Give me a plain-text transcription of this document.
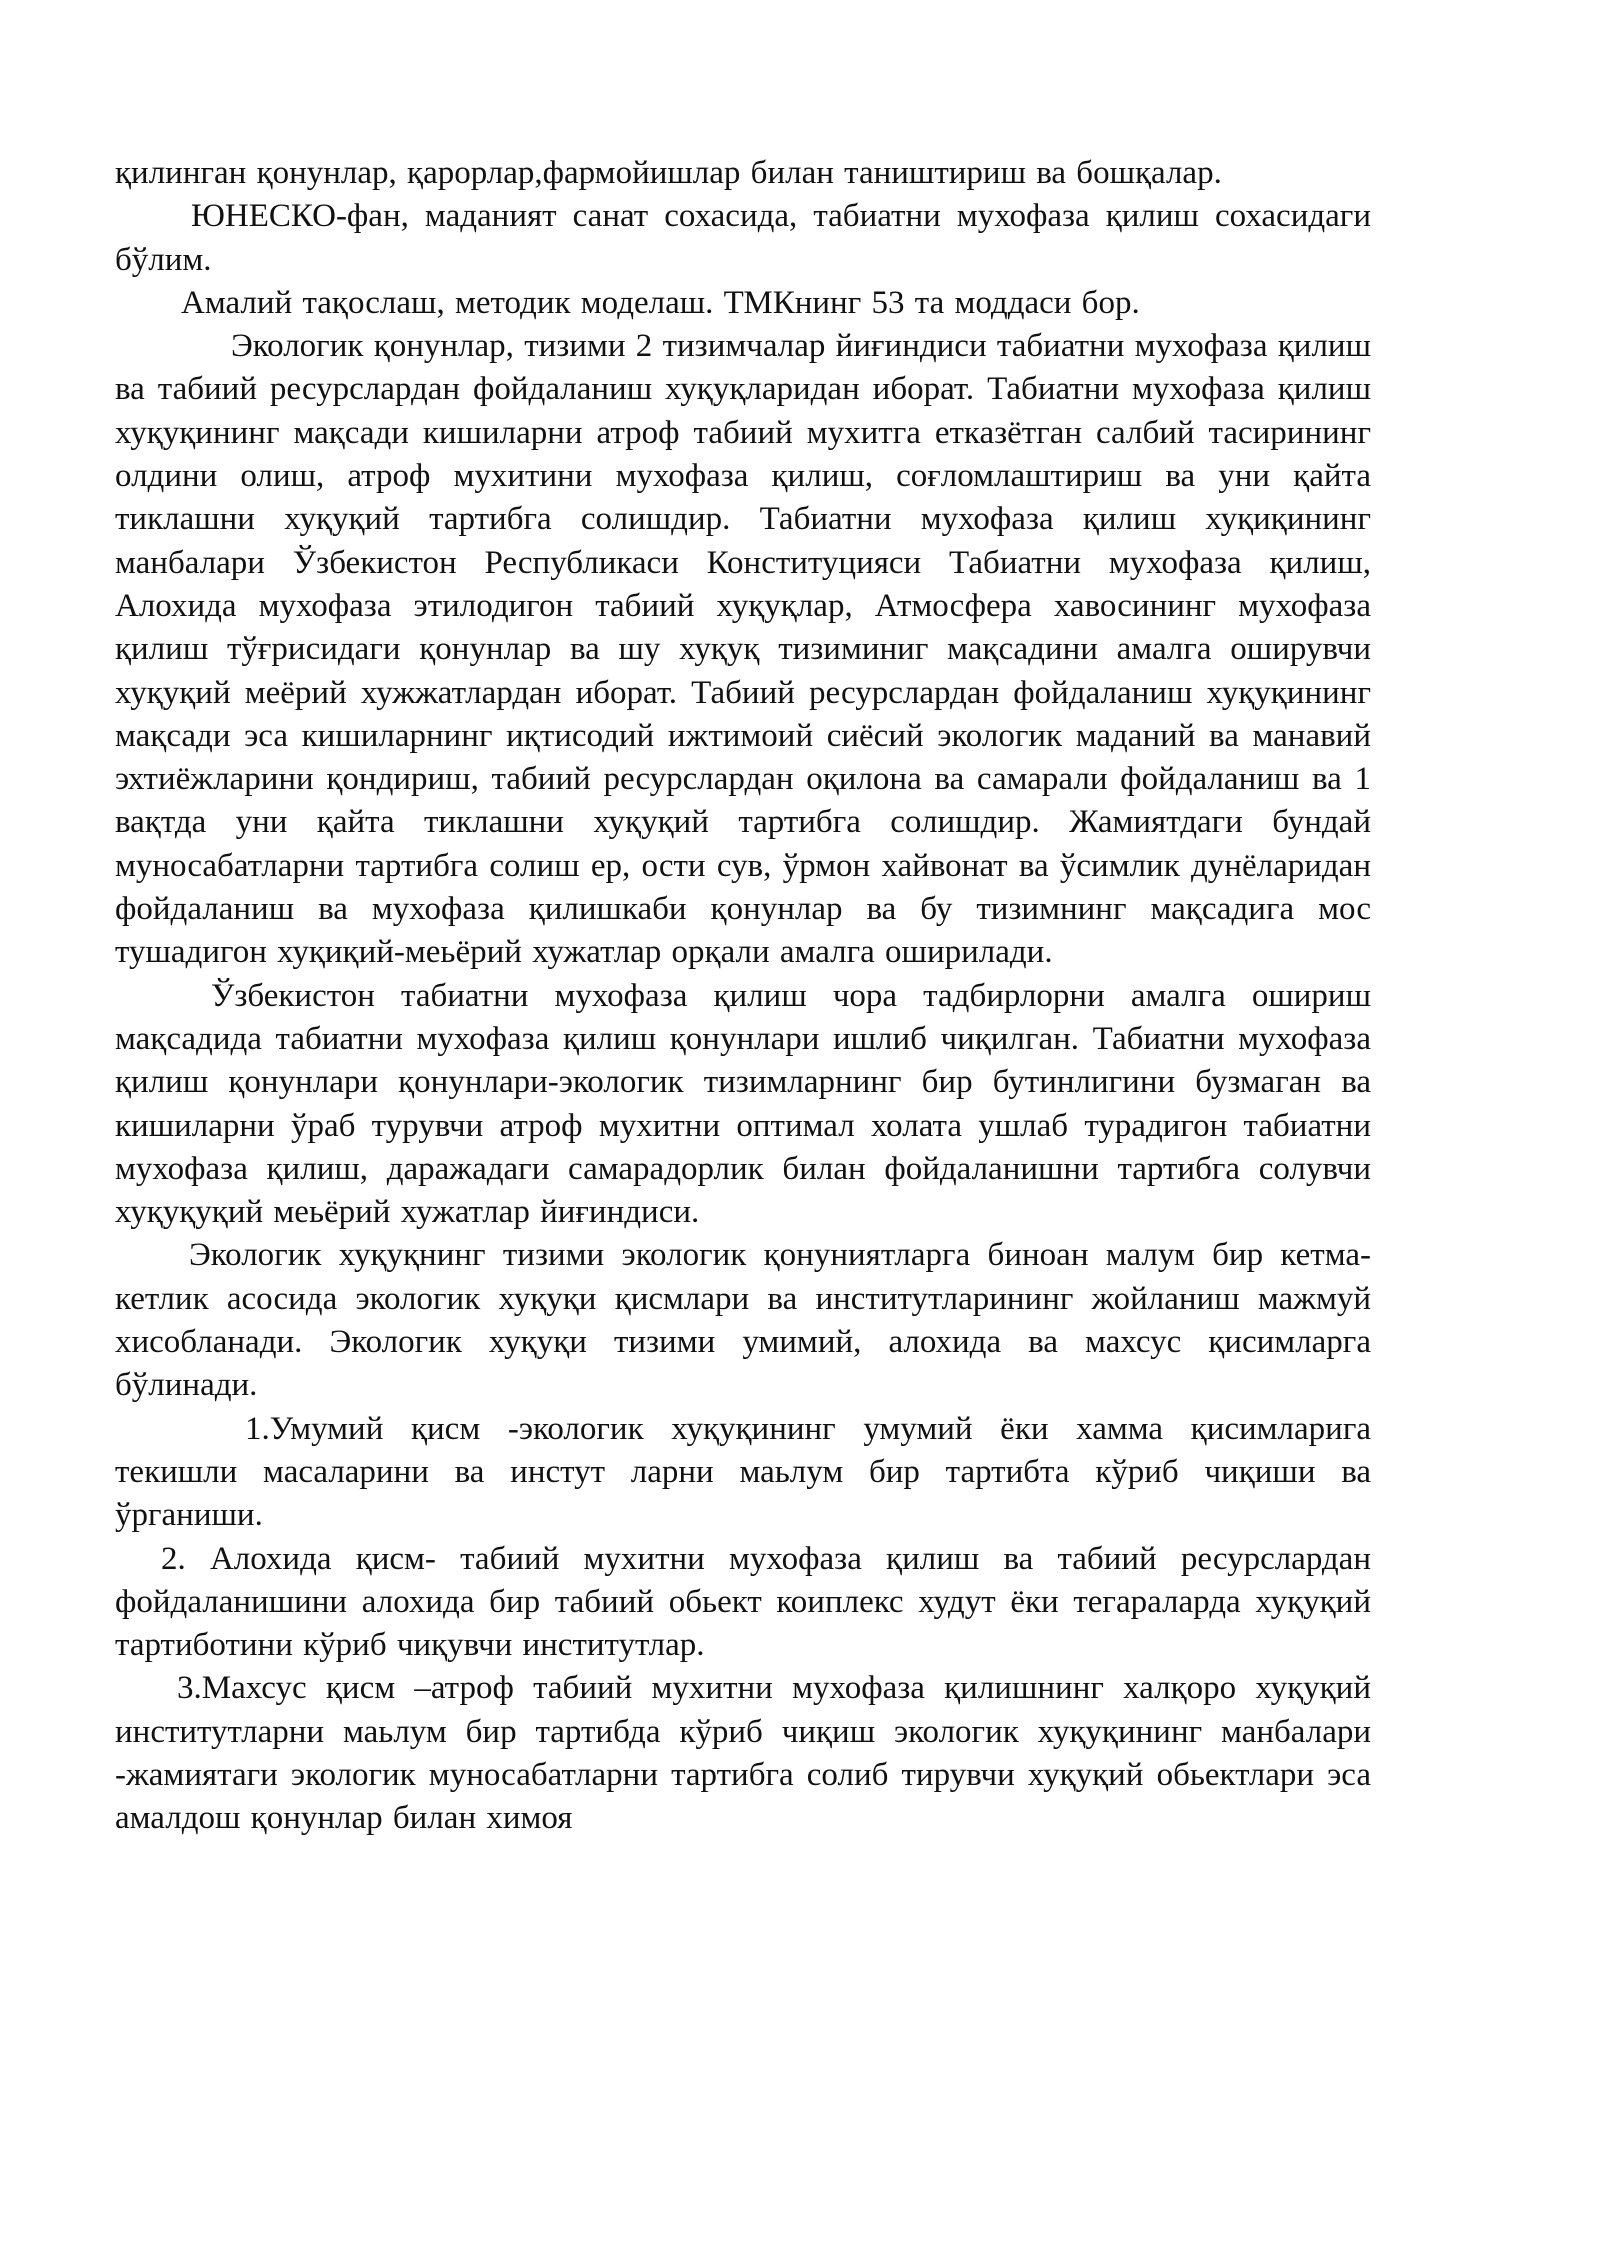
қилинган қонунлар, қарорлар,фармойишлар билан таништириш ва бошқалар.

ЮНЕСКО-фан, маданият санат сохасида, табиатни мухофаза қилиш сохасидаги бўлим.

Амалий тақослаш, методик моделаш. ТМКнинг 53 та моддаси бор.

Экологик қонунлар, тизими 2 тизимчалар йиғиндиси табиатни мухофаза қилиш ва табиий ресурслардан фойдаланиш хуқуқларидан иборат. Табиатни мухофаза қилиш хуқуқининг мақсади кишиларни атроф табиий мухитга етказётган салбий тасирининг олдини олиш, атроф мухитини мухофаза қилиш, соғломлаштириш ва уни қайта тиклашни хуқуқий тартибга солишдир. Табиатни мухофаза қилиш хуқиқининг манбалари Ўзбекистон Республикаси Конституцияси Табиатни мухофаза қилиш, Алохида мухофаза этилодигон табиий хуқуқлар, Атмосфера хавосининг мухофаза қилиш тўғрисидаги қонунлар ва шу хуқуқ тизиминиг мақсадини амалга оширувчи хуқуқий меёрий хужжатлардан иборат. Табиий ресурслардан фойдаланиш хуқуқининг мақсади эса кишиларнинг иқтисодий ижтимоий сиёсий экологик маданий ва манавий эхтиёжларини қондириш, табиий ресурслардан оқилона ва самарали фойдаланиш ва 1 вақтда уни қайта тиклашни хуқуқий тартибга солишдир. Жамиятдаги бундай муносабатларни тартибга солиш ер, ости сув, ўрмон хайвонат ва ўсимлик дунёларидан фойдаланиш ва мухофаза қилишкаби қонунлар ва бу тизимнинг мақсадига мос тушадигон хуқиқий-меьёрий хужатлар орқали амалга оширилади.

Ўзбекистон табиатни мухофаза қилиш чора тадбирлорни амалга ошириш мақсадида табиатни мухофаза қилиш қонунлари ишлиб чиқилган. Табиатни мухофаза қилиш қонунлари қонунлари-экологик тизимларнинг бир бутинлигини бузмаган ва кишиларни ўраб турувчи атроф мухитни оптимал холата ушлаб турадигон табиатни мухофаза қилиш, даражадаги самарадорлик билан фойдаланишни тартибга солувчи хуқуқуқий меьёрий хужатлар йиғиндиси.

Экологик хуқуқнинг тизими экологик қонуниятларга биноан малум бир кетма-кетлик асосида экологик хуқуқи қисмлари ва институтларининг жойланиш мажмуй хисобланади. Экологик хуқуқи тизими умимий, алохида ва махсус қисимларга бўлинади.

1.Умумий қисм -экологик хуқуқининг умумий ёки хамма қисимларига текишли масаларини ва инстут ларни маьлум бир тартибта кўриб чиқиши ва ўрганиши.

2. Алохида қисм- табиий мухитни мухофаза қилиш ва табиий ресурслардан фойдаланишини алохида бир табиий обьект коиплекс худут ёки тегараларда хуқуқий тартиботини кўриб чиқувчи институтлар.

3.Махсус қисм –атроф табиий мухитни мухофаза қилишнинг халқоро хуқуқий институтларни маьлум бир тартибда кўриб чиқиш экологик хуқуқининг манбалари -жамиятаги экологик муносабатларни тартибга солиб тирувчи хуқуқий обьектлари эса амалдош қонунлар билан химоя
